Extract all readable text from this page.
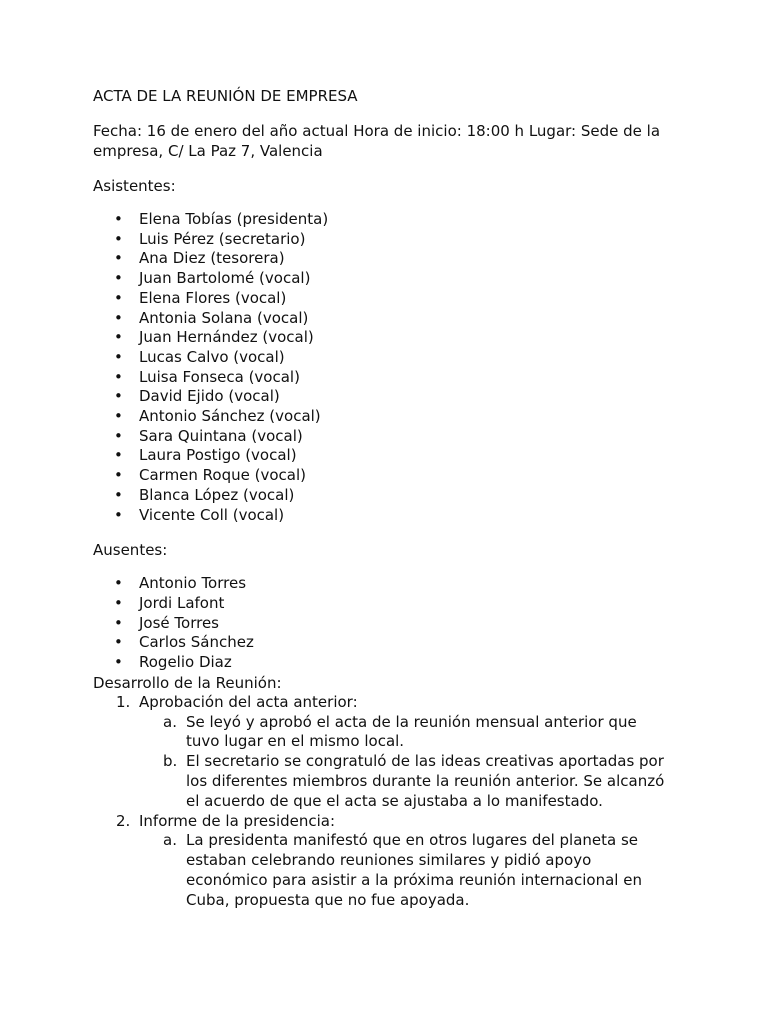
ACTA DE LA REUNIÓN DE EMPRESA
Fecha: 16 de enero del año actual Hora de inicio: 18:00 h Lugar: Sede de la empresa, C/ La Paz 7, Valencia
Asistentes:
• Elena Tobías (presidenta)
• Luis Pérez (secretario)
• Ana Diez (tesorera)
• Juan Bartolomé (vocal)
• Elena Flores (vocal)
• Antonia Solana (vocal)
• Juan Hernández (vocal)
• Lucas Calvo (vocal)
• Luisa Fonseca (vocal)
• David Ejido (vocal)
• Antonio Sánchez (vocal)
• Sara Quintana (vocal)
• Laura Postigo (vocal)
• Carmen Roque (vocal)
• Blanca López (vocal)
• Vicente Coll (vocal)
Ausentes:
• Antonio Torres
• Jordi Lafont
• José Torres
• Carlos Sánchez
• Rogelio Diaz
Desarrollo de la Reunión:
1. Aprobación del acta anterior:
a. Se leyó y aprobó el acta de la reunión mensual anterior que tuvo lugar en el mismo local.
b. El secretario se congratuló de las ideas creativas aportadas por los diferentes miembros durante la reunión anterior. Se alcanzó el acuerdo de que el acta se ajustaba a lo manifestado.
2. Informe de la presidencia:
a. La presidenta manifestó que en otros lugares del planeta se estaban celebrando reuniones similares y pidió apoyo económico para asistir a la próxima reunión internacional en Cuba, propuesta que no fue apoyada.
